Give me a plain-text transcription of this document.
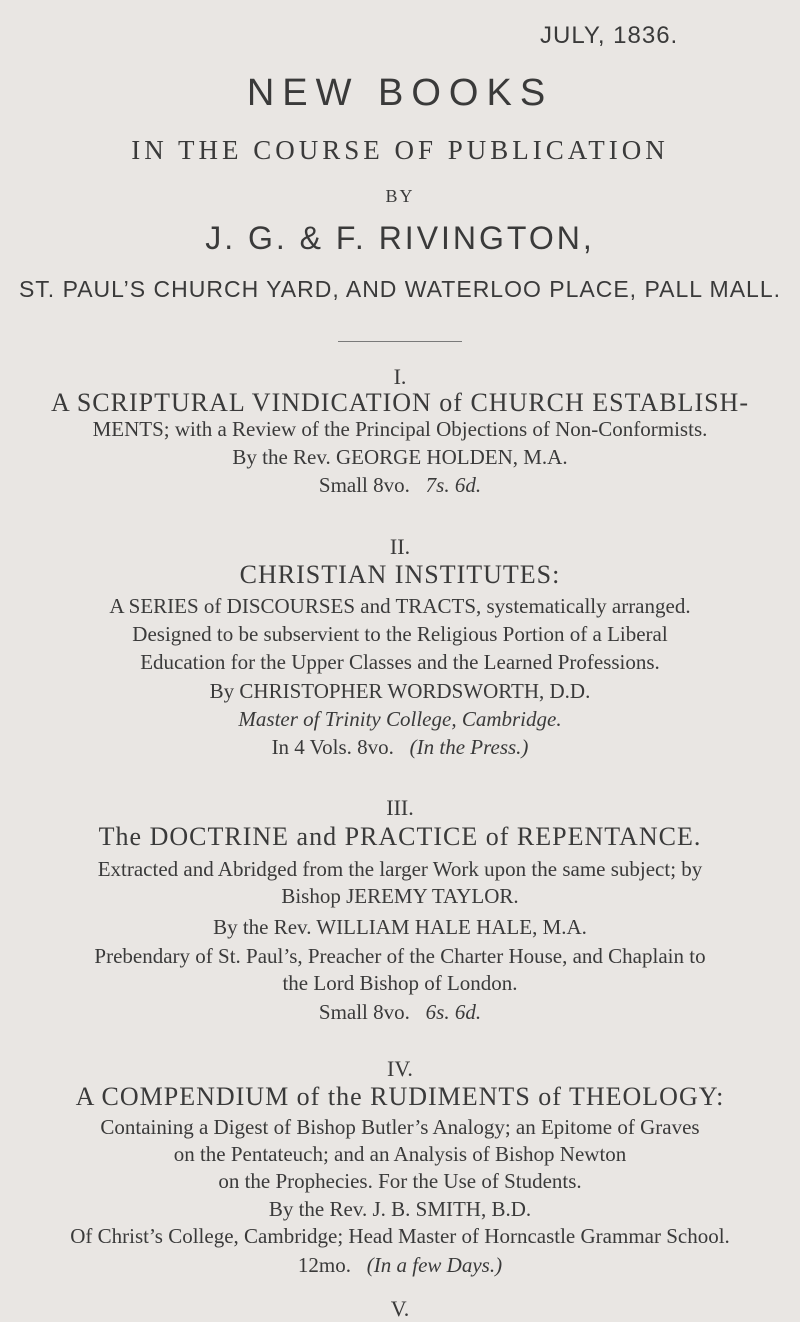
JULY, 1836.
NEW BOOKS
IN THE COURSE OF PUBLICATION
BY
J. G. & F. RIVINGTON,
ST. PAUL’S CHURCH YARD, AND WATERLOO PLACE, PALL MALL.
I.
A SCRIPTURAL VINDICATION of CHURCH ESTABLISH-
MENTS; with a Review of the Principal Objections of Non-Conformists.
By the Rev. GEORGE HOLDEN, M.A.
Small 8vo. 7s. 6d.
II.
CHRISTIAN INSTITUTES:
A SERIES of DISCOURSES and TRACTS, systematically arranged.
Designed to be subservient to the Religious Portion of a Liberal
Education for the Upper Classes and the Learned Professions.
By CHRISTOPHER WORDSWORTH, D.D.
Master of Trinity College, Cambridge.
In 4 Vols. 8vo. (In the Press.)
III.
The DOCTRINE and PRACTICE of REPENTANCE.
Extracted and Abridged from the larger Work upon the same subject; by
Bishop JEREMY TAYLOR.
By the Rev. WILLIAM HALE HALE, M.A.
Prebendary of St. Paul’s, Preacher of the Charter House, and Chaplain to
the Lord Bishop of London.
Small 8vo. 6s. 6d.
IV.
A COMPENDIUM of the RUDIMENTS of THEOLOGY:
Containing a Digest of Bishop Butler’s Analogy; an Epitome of Graves
on the Pentateuch; and an Analysis of Bishop Newton
on the Prophecies. For the Use of Students.
By the Rev. J. B. SMITH, B.D.
Of Christ’s College, Cambridge; Head Master of Horncastle Grammar School.
12mo. (In a few Days.)
V.
